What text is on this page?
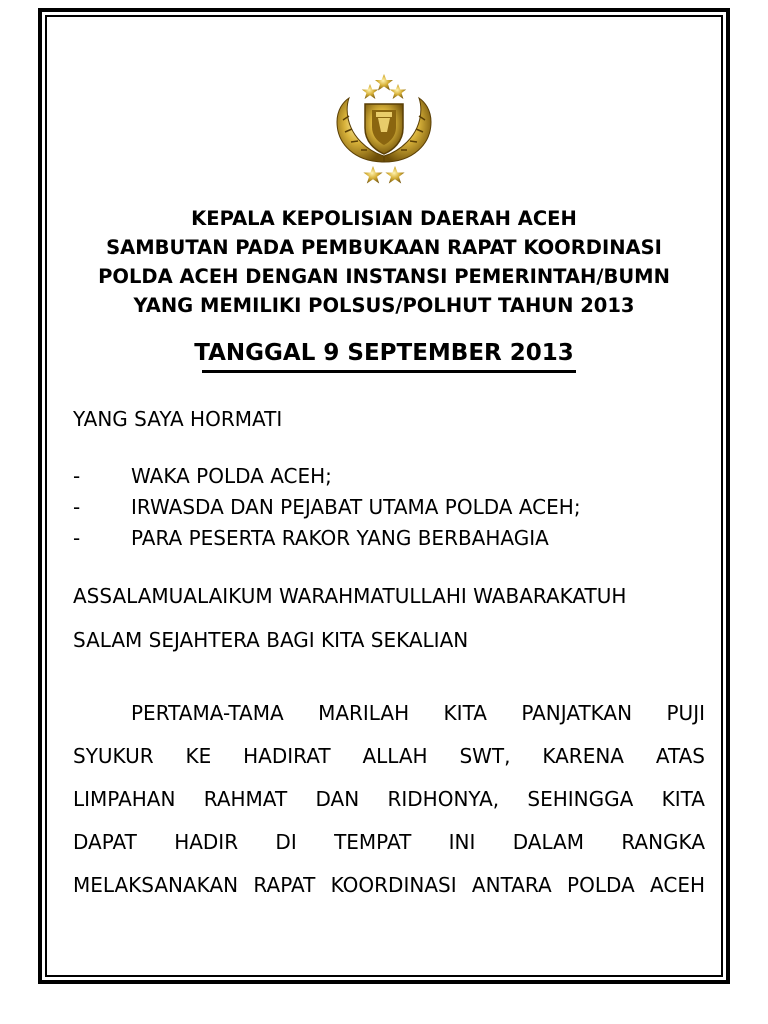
KEPALA KEPOLISIAN DAERAH ACEH
SAMBUTAN PADA PEMBUKAAN RAPAT KOORDINASI
POLDA ACEH DENGAN INSTANSI PEMERINTAH/BUMN
YANG MEMILIKI POLSUS/POLHUT TAHUN 2013
TANGGAL 9 SEPTEMBER 2013
YANG SAYA HORMATI
-	WAKA POLDA ACEH;
-	IRWASDA DAN PEJABAT UTAMA POLDA ACEH;
-	PARA PESERTA RAKOR YANG BERBAHAGIA
ASSALAMUALAIKUM WARAHMATULLAHI WABARAKATUH
SALAM SEJAHTERA BAGI KITA SEKALIAN
PERTAMA-TAMA MARILAH KITA PANJATKAN PUJI
SYUKUR KE HADIRAT ALLAH SWT, KARENA ATAS
LIMPAHAN RAHMAT DAN RIDHONYA, SEHINGGA KITA
DAPAT HADIR DI TEMPAT INI DALAM RANGKA
MELAKSANAKAN RAPAT KOORDINASI ANTARA POLDA ACEH
